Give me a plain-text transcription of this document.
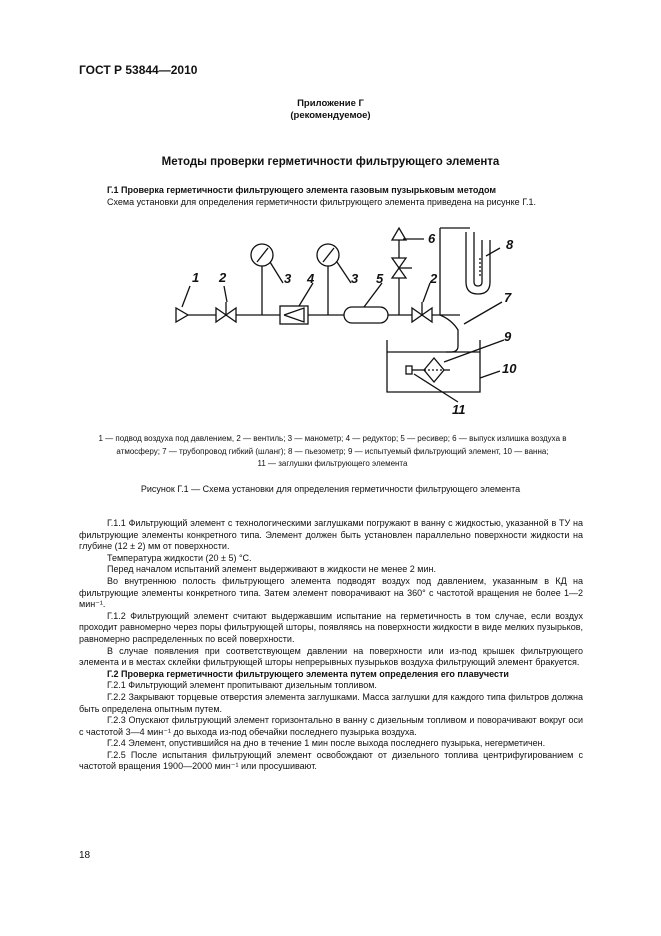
ГОСТ Р 53844—2010
Приложение Г
(рекомендуемое)
Методы проверки герметичности фильтрующего элемента
Г.1 Проверка герметичности фильтрующего элемента газовым пузырьковым методом
Схема установки для определения герметичности фильтрующего элемента приведена на рисунке Г.1.
1 2	3 4	3 5
6
2
8
7
9
10
11
1 — подвод воздуха под давлением, 2 — вентиль; 3 — манометр; 4 — редуктор; 5 — ресивер; 6 — выпуск излишка воздуха в
атмосферу; 7 — трубопровод гибкий (шланг); 8 — пьезометр; 9 — испытуемый фильтрующий элемент, 10 — ванна;
11 — заглушки фильтрующего элемента
Рисунок Г.1 — Схема установки для определения герметичности фильтрующего элемента

Г.1.1 Фильтрующий элемент с технологическими заглушками погружают в ванну с жидкостью, указанной в ТУ на фильтрующие элементы конкретного типа. Элемент должен быть установлен параллельно поверхности жидкости на глубине (12 ± 2) мм от поверхности.

Температура жидкости (20 ± 5) °С.

Перед началом испытаний элемент выдерживают в жидкости не менее 2 мин.

Во внутреннюю полость фильтрующего элемента подводят воздух под давлением, указанным в КД на фильтрующие элементы конкретного типа. Затем элемент поворачивают на 360° с частотой вращения не более 1—2 мин⁻¹.

Г.1.2 Фильтрующий элемент считают выдержавшим испытание на герметичность в том случае, если воздух проходит равномерно через поры фильтрующей шторы, появляясь на поверхности жидкости в виде мелких пузырьков, равномерно распределенных по всей поверхности.

В случае появления при соответствующем давлении на поверхности или из-под крышек фильтрующего элемента и в местах склейки фильтрующей шторы непрерывных пузырьков воздуха фильтрующий элемент бракуется.

Г.2 Проверка герметичности фильтрующего элемента путем определения его плавучести

Г.2.1 Фильтрующий элемент пропитывают дизельным топливом.

Г.2.2 Закрывают торцевые отверстия элемента заглушками. Масса заглушки для каждого типа фильтров должна быть определена опытным путем.

Г.2.3 Опускают фильтрующий элемент горизонтально в ванну с дизельным топливом и поворачивают вокруг оси с частотой 3—4 мин⁻¹ до выхода из-под обечайки последнего пузырька воздуха.

Г.2.4 Элемент, опустившийся на дно в течение 1 мин после выхода последнего пузырька, негерметичен.

Г.2.5 После испытания фильтрующий элемент освобождают от дизельного топлива центрифугированием с частотой вращения 1900—2000 мин⁻¹ или просушивают.

18
